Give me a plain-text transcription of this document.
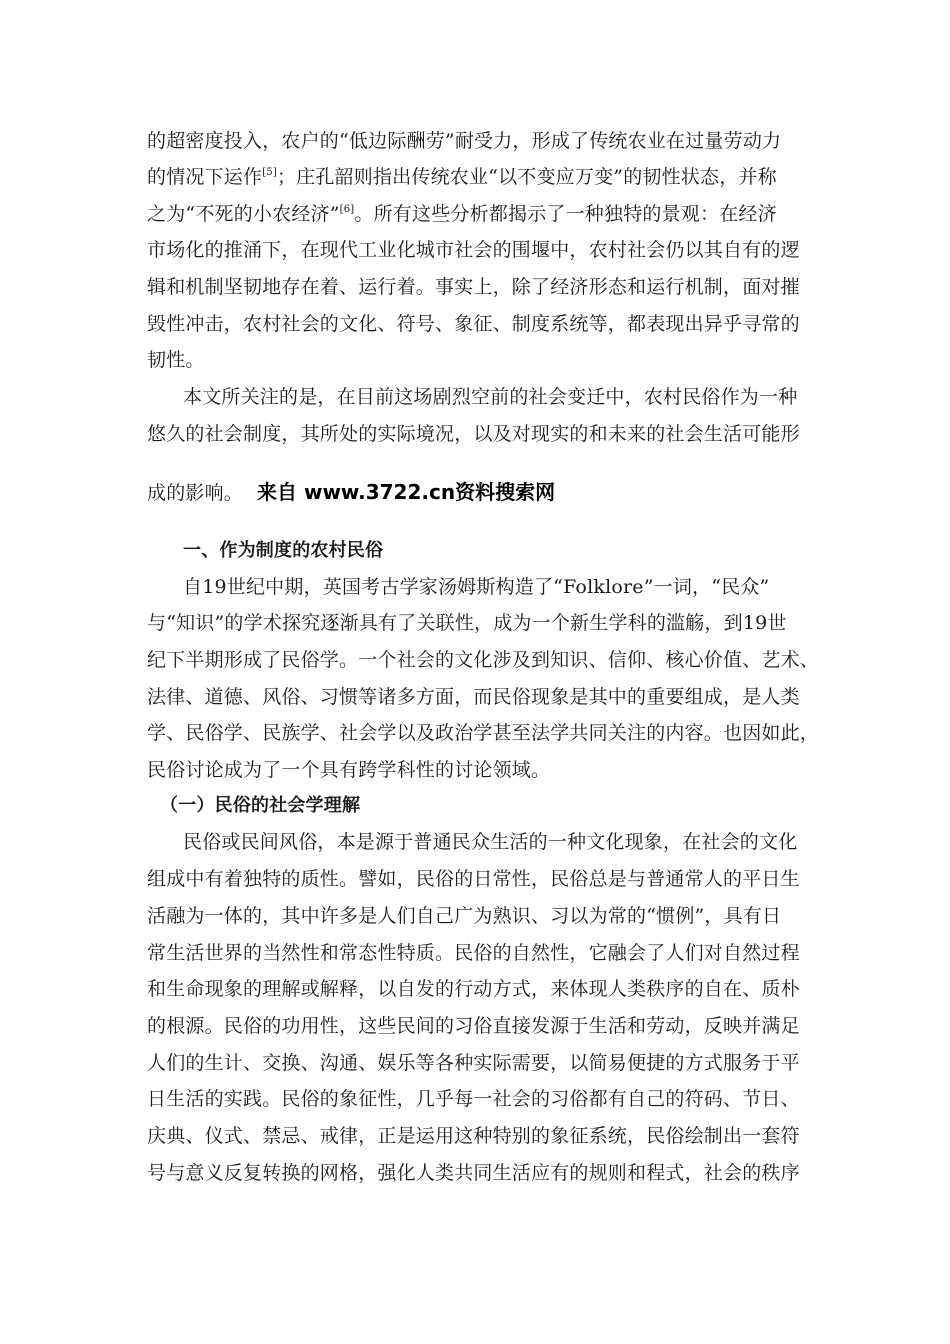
的超密度投入，农户的“低边际酬劳”耐受力，形成了传统农业在过量劳动力
的情况下运作[5]；庄孔韶则指出传统农业“以不变应万变”的韧性状态，并称
之为“不死的小农经济”[6]。所有这些分析都揭示了一种独特的景观：在经济
市场化的推涌下，在现代工业化城市社会的围堰中，农村社会仍以其自有的逻
辑和机制坚韧地存在着、运行着。事实上，除了经济形态和运行机制，面对摧
毁性冲击，农村社会的文化、符号、象征、制度系统等，都表现出异乎寻常的
韧性。
本文所关注的是，在目前这场剧烈空前的社会变迁中，农村民俗作为一种
悠久的社会制度，其所处的实际境况，以及对现实的和未来的社会生活可能形
成的影响。 来自 www.3722.cn资料搜索网
一、作为制度的农村民俗
自19世纪中期，英国考古学家汤姆斯构造了“Folklore”一词，“民众”
与“知识”的学术探究逐渐具有了关联性，成为一个新生学科的滥觞，到19世
纪下半期形成了民俗学。一个社会的文化涉及到知识、信仰、核心价值、艺术、
法律、道德、风俗、习惯等诸多方面，而民俗现象是其中的重要组成，是人类
学、民俗学、民族学、社会学以及政治学甚至法学共同关注的内容。也因如此，
民俗讨论成为了一个具有跨学科性的讨论领域。
（一）民俗的社会学理解
民俗或民间风俗，本是源于普通民众生活的一种文化现象，在社会的文化
组成中有着独特的质性。譬如，民俗的日常性，民俗总是与普通常人的平日生
活融为一体的，其中许多是人们自己广为熟识、习以为常的“惯例”，具有日
常生活世界的当然性和常态性特质。民俗的自然性，它融会了人们对自然过程
和生命现象的理解或解释，以自发的行动方式，来体现人类秩序的自在、质朴
的根源。民俗的功用性，这些民间的习俗直接发源于生活和劳动，反映并满足
人们的生计、交换、沟通、娱乐等各种实际需要，以简易便捷的方式服务于平
日生活的实践。民俗的象征性，几乎每一社会的习俗都有自己的符码、节日、
庆典、仪式、禁忌、戒律，正是运用这种特别的象征系统，民俗绘制出一套符
号与意义反复转换的网格，强化人类共同生活应有的规则和程式，社会的秩序
